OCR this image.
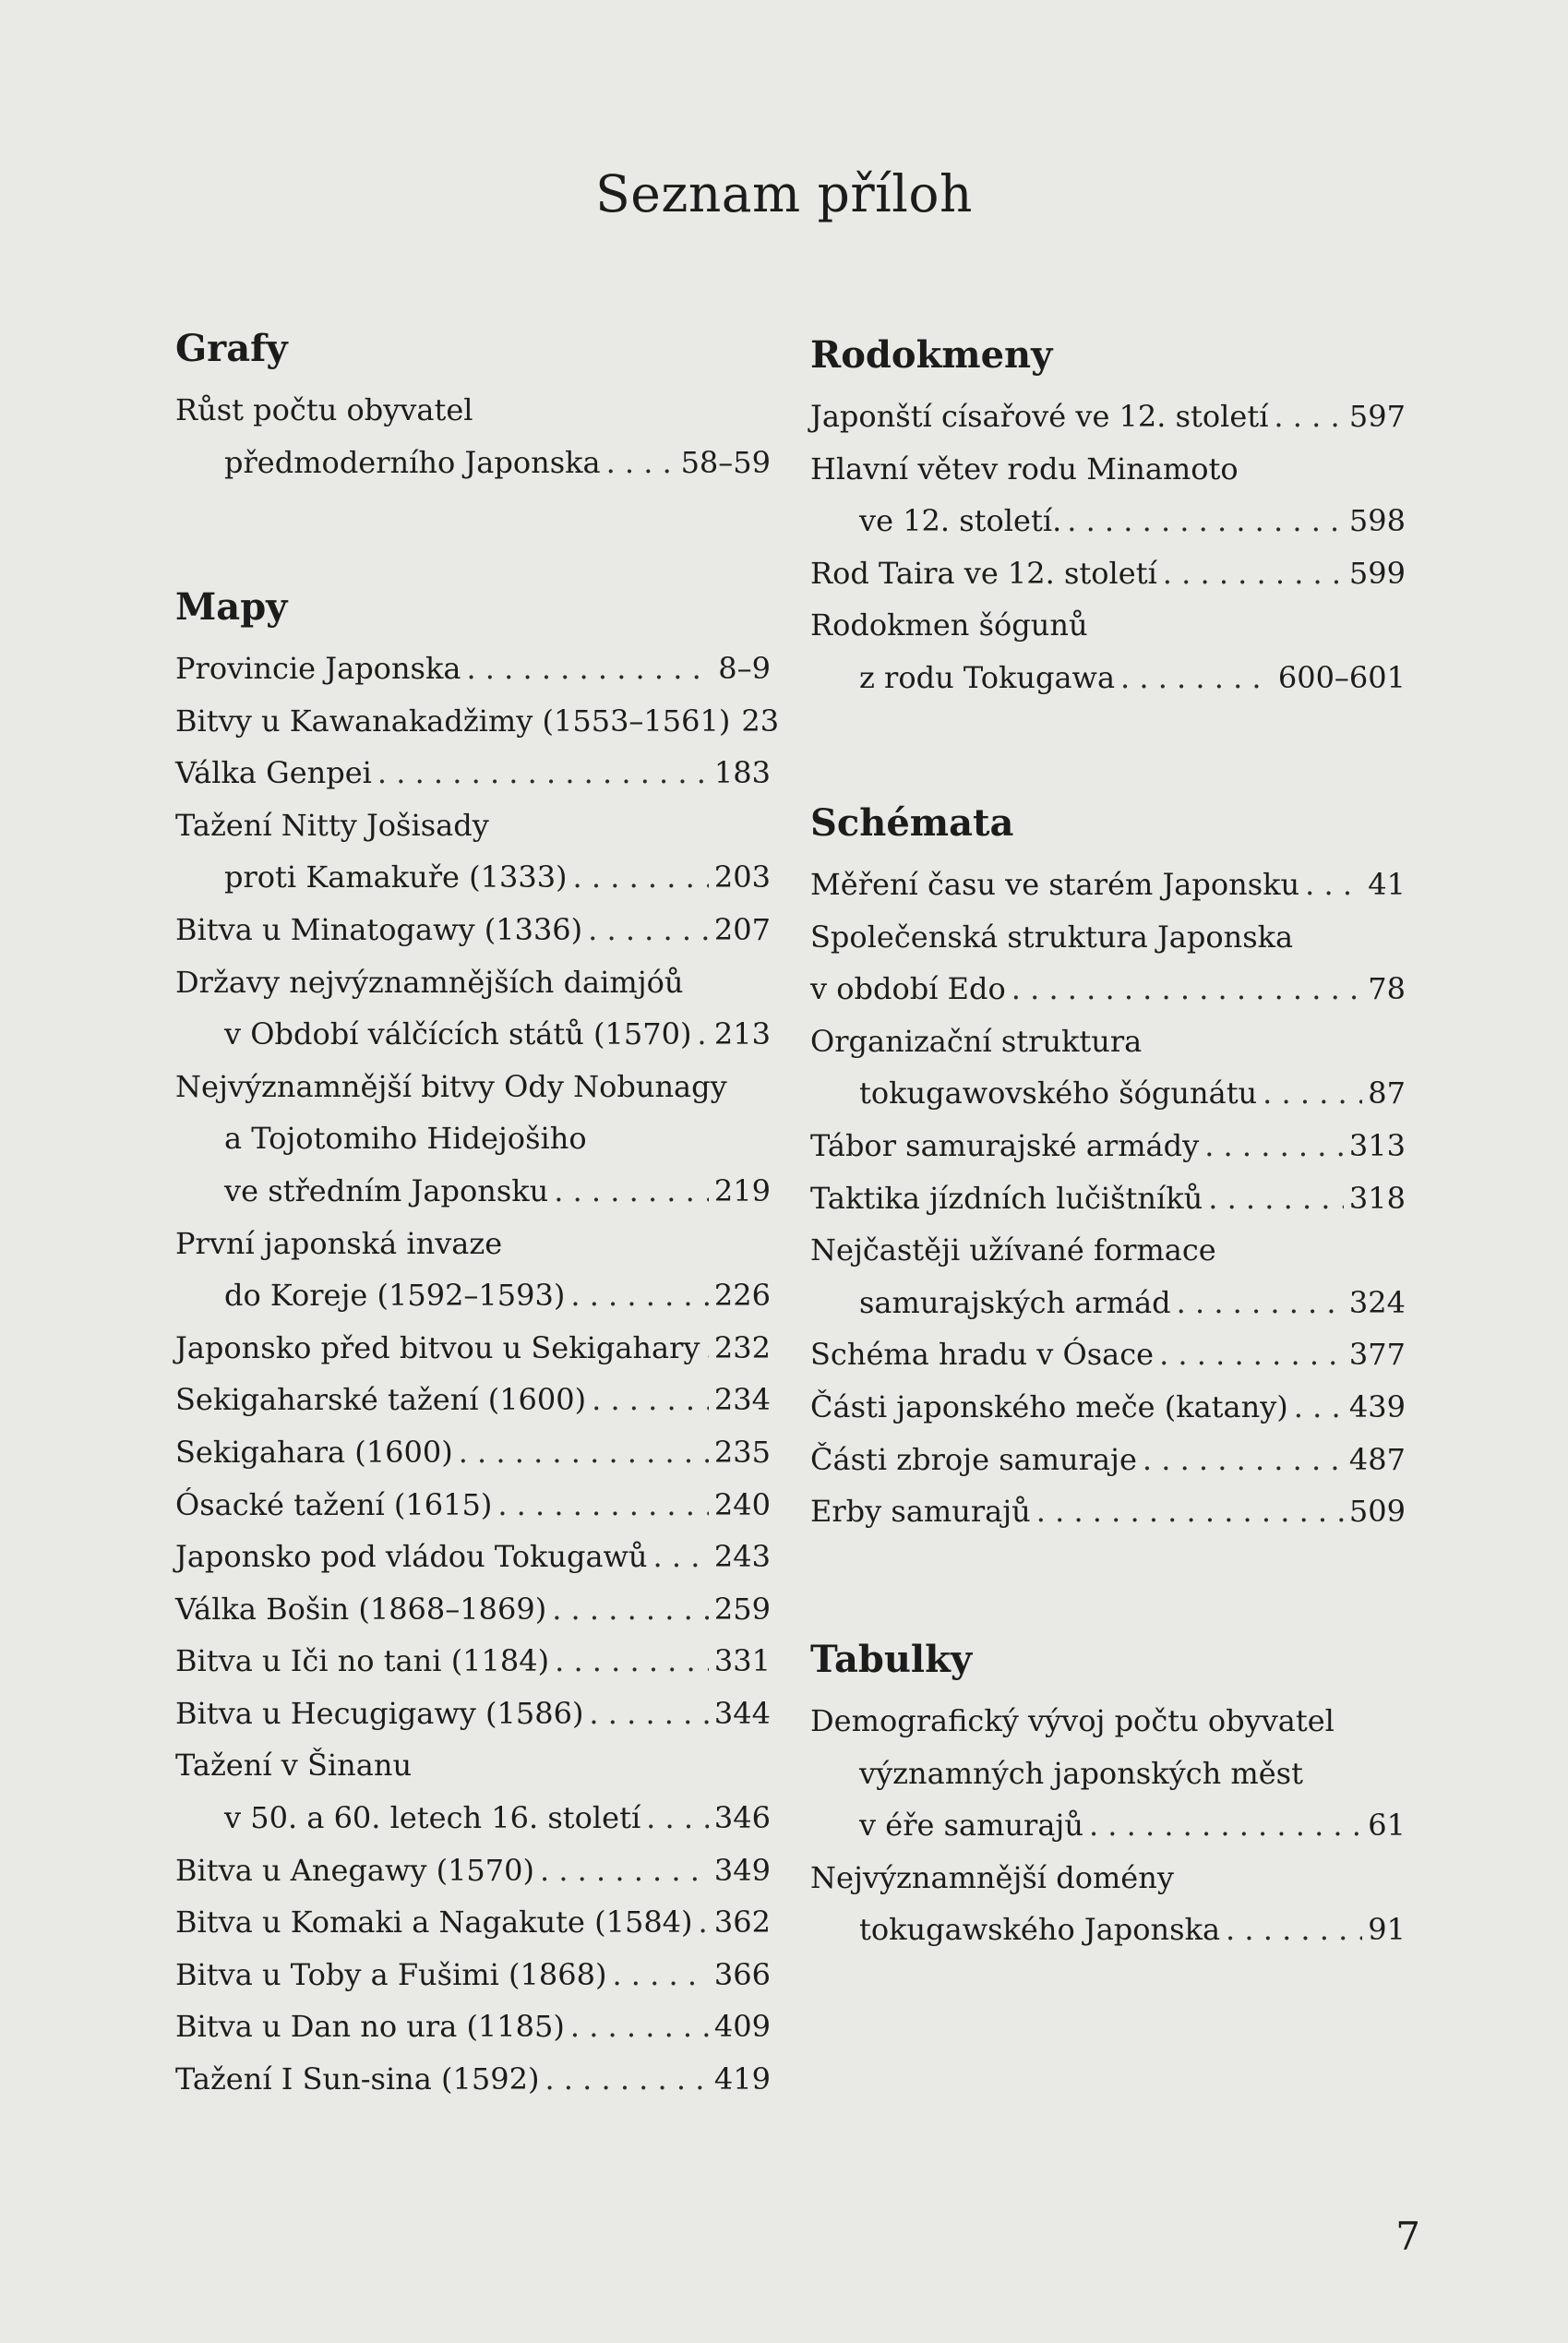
Seznam příloh
Grafy
Růst počtu obyvatel
předmoderního Japonska . . .	58–59
Mapy
Provincie Japonska . . .	8–9
Bitvy u Kawanakadžimy (1553–1561) 23
Válka Genpei . . .	183
Tažení Nitty Jošisady
proti Kamakuře (1333) . . .	203
Bitva u Minatogawy (1336) . . .	207
Državy nejvýznamnějších daimjóů
v Období válčících států (1570) . . . 213
Nejvýznamnější bitvy Ody Nobunagy
a Tojotomiho Hidejošiho
ve středním Japonsku . . .	219
První japonská invaze
do Koreje (1592–1593) . . .	226
Japonsko před bitvou u Sekigahary . . . 232
Sekigaharské tažení (1600) . . .	234
Sekigahara (1600) . . .	235
Ósacké tažení (1615) . . .	240
Japonsko pod vládou Tokugawů . . . 243
Válka Bošin (1868–1869) . . .	259
Bitva u Iči no tani (1184) . . .	331
Bitva u Hecugigawy (1586) . . .	344
Tažení v Šinanu
v 50. a 60. letech 16. století . . . 346
Bitva u Anegawy (1570) . . .	349
Bitva u Komaki a Nagakute (1584) . . . 362
Bitva u Toby a Fušimi (1868) . . .	366
Bitva u Dan no ura (1185) . . .	409
Tažení I Sun-sina (1592) . . .	419
Rodokmeny
Japonští císařové ve 12. století . . .	597
Hlavní větev rodu Minamoto
ve 12. století. . . .	598
Rod Taira ve 12. století . . .	599
Rodokmen šógunů
z rodu Tokugawa . . .	600–601
Schémata
Měření času ve starém Japonsku . . . 41
Společenská struktura Japonska
v období Edo . . .	78
Organizační struktura
tokugawovského šógunátu . . .	87
Tábor samurajské armády . . .	313
Taktika jízdních lučištníků . . .	318
Nejčastěji užívané formace
samurajských armád . . .	324
Schéma hradu v Ósace . . .	377
Části japonského meče (katany) . . . 439
Části zbroje samuraje . . .	487
Erby samurajů . . .	509
Tabulky
Demografický vývoj počtu obyvatel
významných japonských měst
v éře samurajů . . .	61
Nejvýznamnější domény
tokugawského Japonska . . .	91
7
